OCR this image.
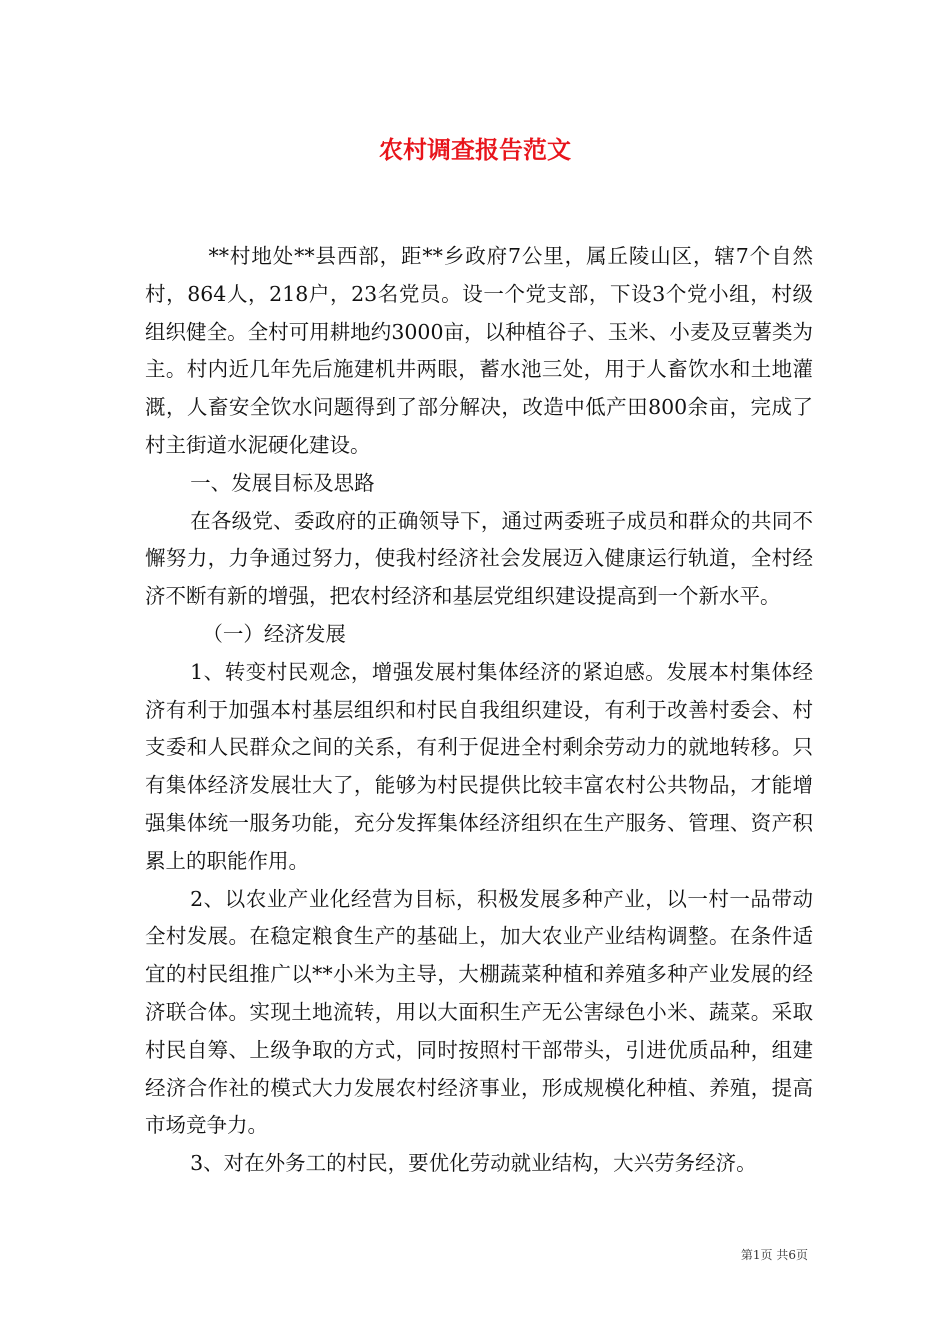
农村调查报告范文

**村地处**县西部，距**乡政府7公里，属丘陵山区，辖7个自然村，864人，218户，23名党员。设一个党支部，下设3个党小组，村级组织健全。全村可用耕地约3000亩，以种植谷子、玉米、小麦及豆薯类为主。村内近几年先后施建机井两眼，蓄水池三处，用于人畜饮水和土地灌溉，人畜安全饮水问题得到了部分解决，改造中低产田800余亩，完成了村主街道水泥硬化建设。

一、发展目标及思路

在各级党、委政府的正确领导下，通过两委班子成员和群众的共同不懈努力，力争通过努力，使我村经济社会发展迈入健康运行轨道，全村经济不断有新的增强，把农村经济和基层党组织建设提高到一个新水平。

（一）经济发展

1、转变村民观念，增强发展村集体经济的紧迫感。发展本村集体经济有利于加强本村基层组织和村民自我组织建设，有利于改善村委会、村支委和人民群众之间的关系，有利于促进全村剩余劳动力的就地转移。只有集体经济发展壮大了，能够为村民提供比较丰富农村公共物品，才能增强集体统一服务功能，充分发挥集体经济组织在生产服务、管理、资产积累上的职能作用。

2、以农业产业化经营为目标，积极发展多种产业，以一村一品带动全村发展。在稳定粮食生产的基础上，加大农业产业结构调整。在条件适宜的村民组推广以**小米为主导，大棚蔬菜种植和养殖多种产业发展的经济联合体。实现土地流转，用以大面积生产无公害绿色小米、蔬菜。采取村民自筹、上级争取的方式，同时按照村干部带头，引进优质品种，组建经济合作社的模式大力发展农村经济事业，形成规模化种植、养殖，提高市场竞争力。

3、对在外务工的村民，要优化劳动就业结构，大兴劳务经济。

第1页 共6页
